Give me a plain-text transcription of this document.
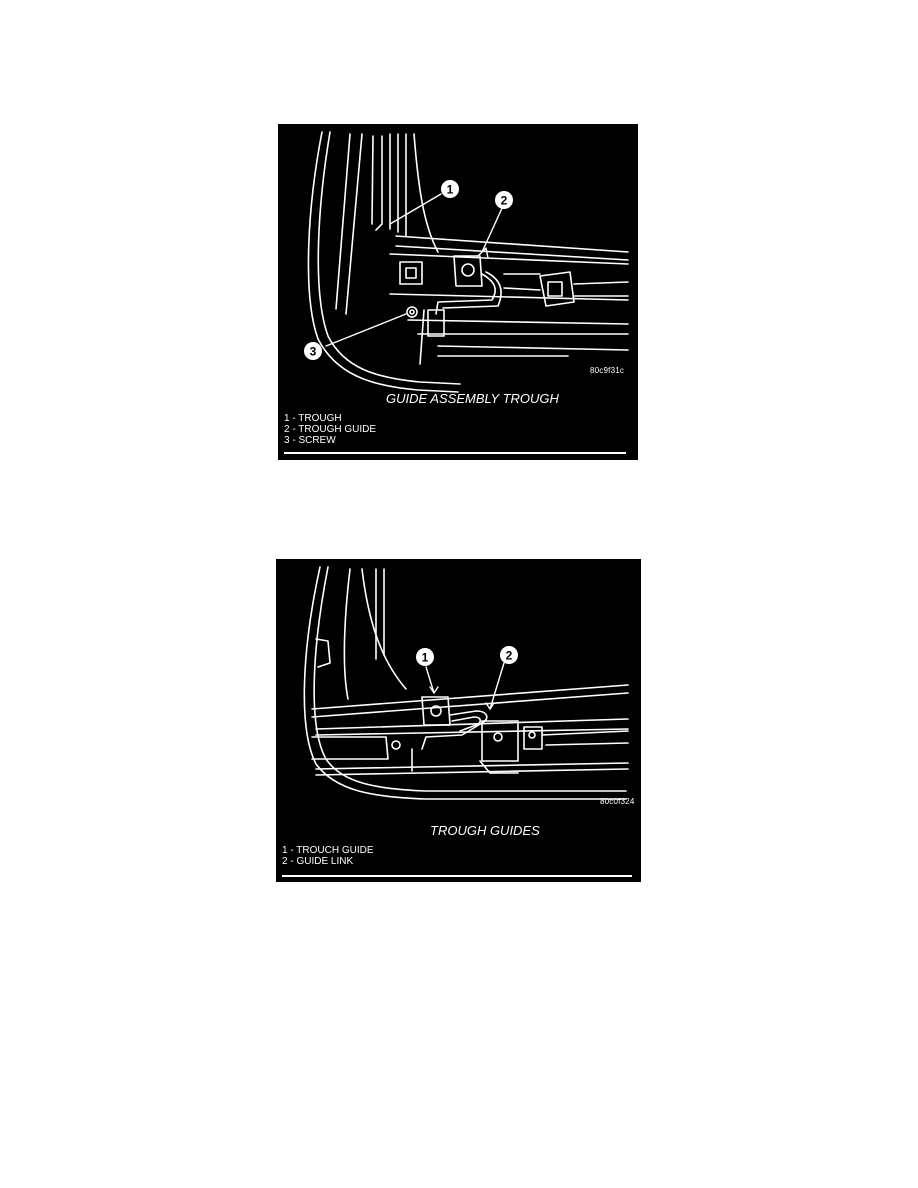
1
2
3
80c9f31c
GUIDE ASSEMBLY TROUGH
1 - TROUGH
2 - TROUGH GUIDE
3 - SCREW
1	2
80c0f324
TROUGH GUIDES
1 - TROUCH GUIDE
2 - GUIDE LINK
